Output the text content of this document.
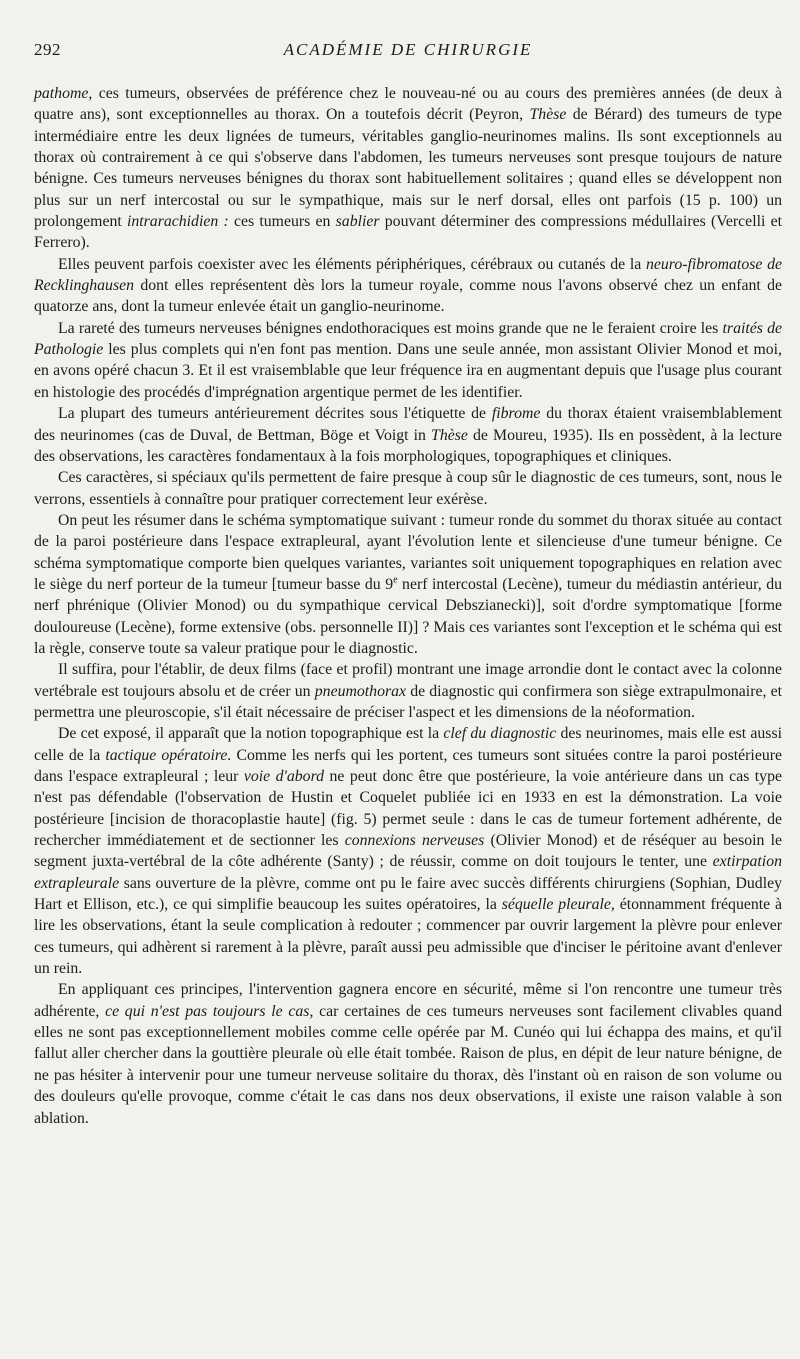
292	ACADÉMIE DE CHIRURGIE

pathome, ces tumeurs, observées de préférence chez le nouveau-né ou au cours des premières années (de deux à quatre ans), sont exceptionnelles au thorax. On a toutefois décrit (Peyron, Thèse de Bérard) des tumeurs de type intermédiaire entre les deux lignées de tumeurs, véritables ganglio-neurinomes malins. Ils sont exceptionnels au thorax où contrairement à ce qui s'observe dans l'abdomen, les tumeurs nerveuses sont presque toujours de nature bénigne. Ces tumeurs nerveuses bénignes du thorax sont habituellement solitaires ; quand elles se développent non plus sur un nerf intercostal ou sur le sympathique, mais sur le nerf dorsal, elles ont parfois (15 p. 100) un prolongement intrarachidien : ces tumeurs en sablier pouvant déterminer des compressions médullaires (Vercelli et Ferrero).

Elles peuvent parfois coexister avec les éléments périphériques, cérébraux ou cutanés de la neuro-fibromatose de Recklinghausen dont elles représentent dès lors la tumeur royale, comme nous l'avons observé chez un enfant de quatorze ans, dont la tumeur enlevée était un ganglio-neurinome.

La rareté des tumeurs nerveuses bénignes endothoraciques est moins grande que ne le feraient croire les traités de Pathologie les plus complets qui n'en font pas mention. Dans une seule année, mon assistant Olivier Monod et moi, en avons opéré chacun 3. Et il est vraisemblable que leur fréquence ira en augmentant depuis que l'usage plus courant en histologie des procédés d'imprégnation argentique permet de les identifier.

La plupart des tumeurs antérieurement décrites sous l'étiquette de fibrome du thorax étaient vraisemblablement des neurinomes (cas de Duval, de Bettman, Böge et Voigt in Thèse de Moureu, 1935). Ils en possèdent, à la lecture des observations, les caractères fondamentaux à la fois morphologiques, topographiques et cliniques.

Ces caractères, si spéciaux qu'ils permettent de faire presque à coup sûr le diagnostic de ces tumeurs, sont, nous le verrons, essentiels à connaître pour pratiquer correctement leur exérèse.

On peut les résumer dans le schéma symptomatique suivant : tumeur ronde du sommet du thorax située au contact de la paroi postérieure dans l'espace extrapleural, ayant l'évolution lente et silencieuse d'une tumeur bénigne. Ce schéma symptomatique comporte bien quelques variantes, variantes soit uniquement topographiques en relation avec le siège du nerf porteur de la tumeur [tumeur basse du 9e nerf intercostal (Lecène), tumeur du médiastin antérieur, du nerf phrénique (Olivier Monod) ou du sympathique cervical Debszianecki)], soit d'ordre symptomatique [forme douloureuse (Lecène), forme extensive (obs. personnelle II)] ? Mais ces variantes sont l'exception et le schéma qui est la règle, conserve toute sa valeur pratique pour le diagnostic.

Il suffira, pour l'établir, de deux films (face et profil) montrant une image arrondie dont le contact avec la colonne vertébrale est toujours absolu et de créer un pneumothorax de diagnostic qui confirmera son siège extrapulmonaire, et permettra une pleuroscopie, s'il était nécessaire de préciser l'aspect et les dimensions de la néoformation.

De cet exposé, il apparaît que la notion topographique est la clef du diagnostic des neurinomes, mais elle est aussi celle de la tactique opératoire. Comme les nerfs qui les portent, ces tumeurs sont situées contre la paroi postérieure dans l'espace extrapleural ; leur voie d'abord ne peut donc être que postérieure, la voie antérieure dans un cas type n'est pas défendable (l'observation de Hustin et Coquelet publiée ici en 1933 en est la démonstration. La voie postérieure [incision de thoracoplastie haute] (fig. 5) permet seule : dans le cas de tumeur fortement adhérente, de rechercher immédiatement et de sectionner les connexions nerveuses (Olivier Monod) et de réséquer au besoin le segment juxta-vertébral de la côte adhérente (Santy) ; de réussir, comme on doit toujours le tenter, une extirpation extrapleurale sans ouverture de la plèvre, comme ont pu le faire avec succès différents chirurgiens (Sophian, Dudley Hart et Ellison, etc.), ce qui simplifie beaucoup les suites opératoires, la séquelle pleurale, étonnamment fréquente à lire les observations, étant la seule complication à redouter ; commencer par ouvrir largement la plèvre pour enlever ces tumeurs, qui adhèrent si rarement à la plèvre, paraît aussi peu admissible que d'inciser le péritoine avant d'enlever un rein.

En appliquant ces principes, l'intervention gagnera encore en sécurité, même si l'on rencontre une tumeur très adhérente, ce qui n'est pas toujours le cas, car certaines de ces tumeurs nerveuses sont facilement clivables quand elles ne sont pas exceptionnellement mobiles comme celle opérée par M. Cunéo qui lui échappa des mains, et qu'il fallut aller chercher dans la gouttière pleurale où elle était tombée. Raison de plus, en dépit de leur nature bénigne, de ne pas hésiter à intervenir pour une tumeur nerveuse solitaire du thorax, dès l'instant où en raison de son volume ou des douleurs qu'elle provoque, comme c'était le cas dans nos deux observations, il existe une raison valable à son ablation.
